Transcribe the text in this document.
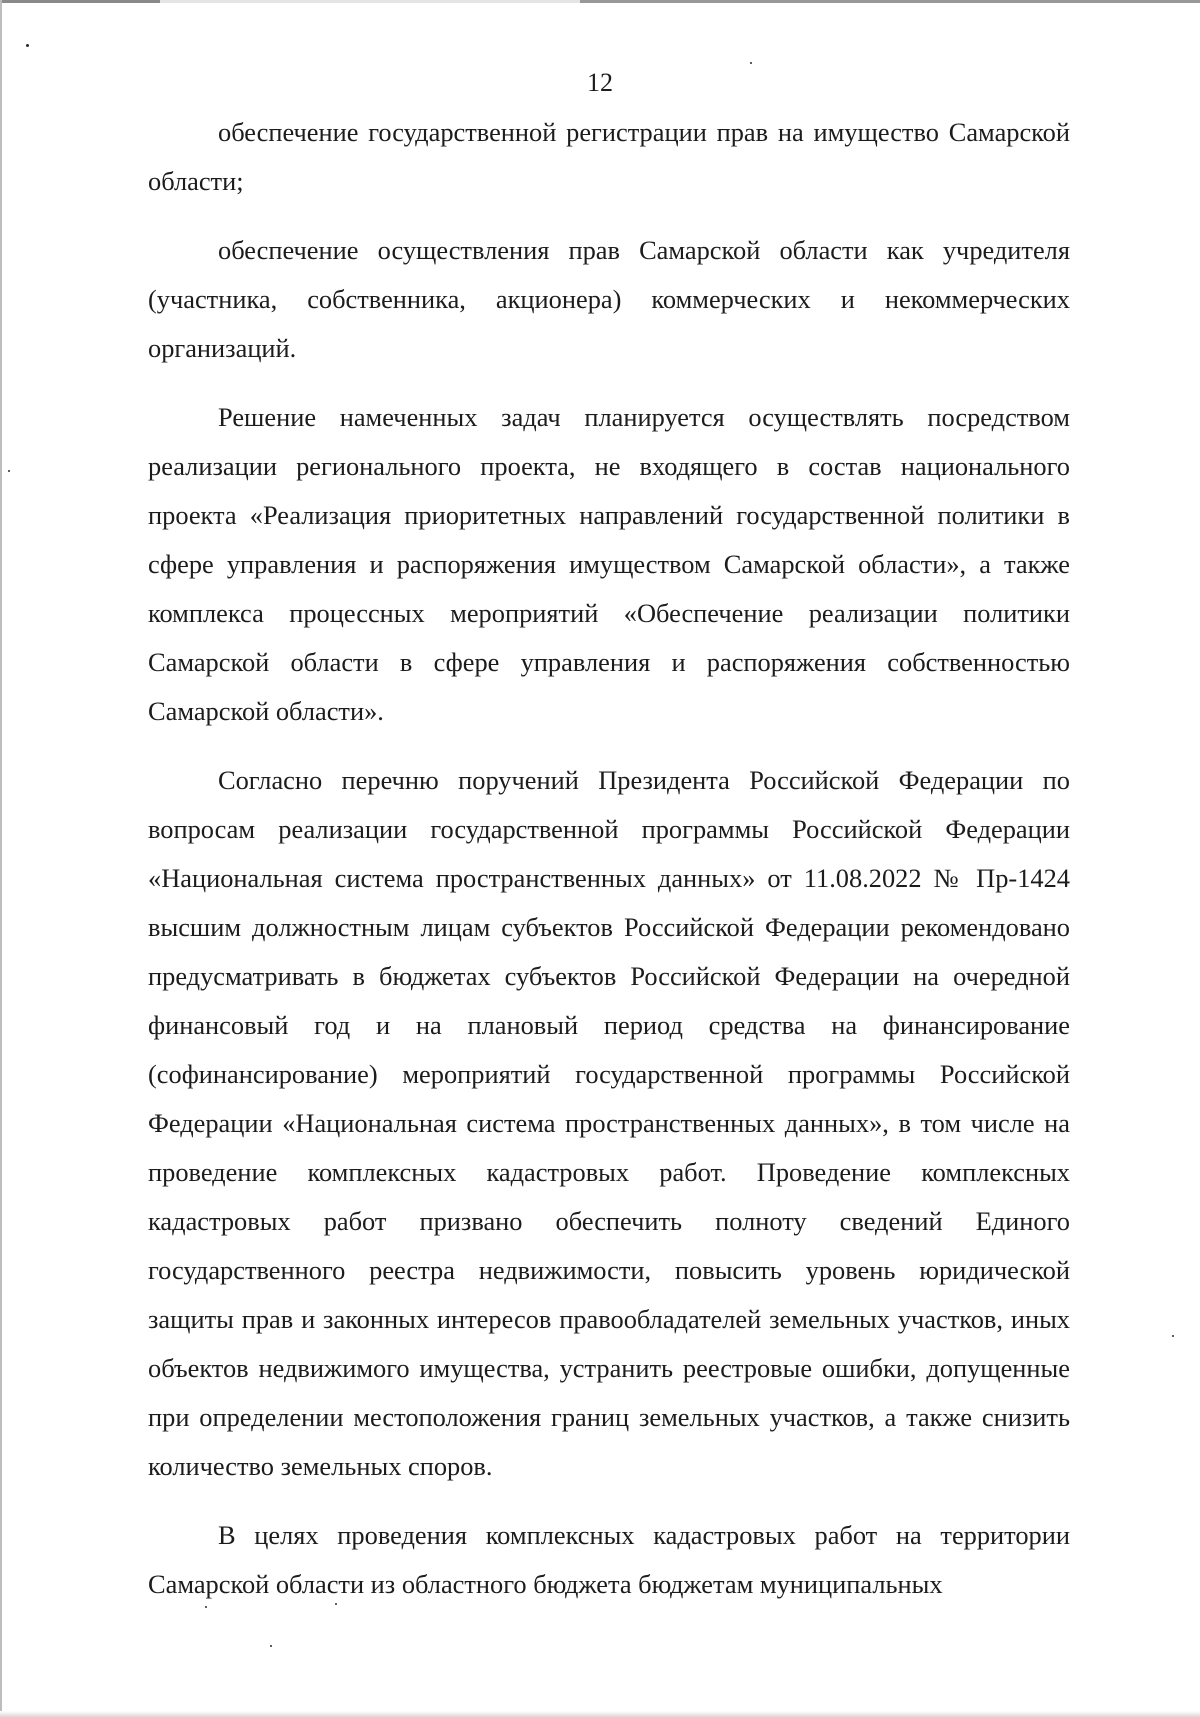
12

обеспечение государственной регистрации прав на имущество Самарской области;

обеспечение осуществления прав Самарской области как учредителя (участника, собственника, акционера) коммерческих и некоммерческих организаций.

Решение намеченных задач планируется осуществлять посредством реализации регионального проекта, не входящего в состав национального проекта «Реализация приоритетных направлений государственной политики в сфере управления и распоряжения имуществом Самарской области», а также комплекса процессных мероприятий «Обеспечение реализации политики Самарской области в сфере управления и распоряжения собственностью Самарской области».

Согласно перечню поручений Президента Российской Федерации по вопросам реализации государственной программы Российской Федерации «Национальная система пространственных данных» от 11.08.2022 № Пр-1424 высшим должностным лицам субъектов Российской Федерации рекомендовано предусматривать в бюджетах субъектов Российской Федерации на очередной финансовый год и на плановый период средства на финансирование (софинансирование) мероприятий государственной программы Российской Федерации «Национальная система пространственных данных», в том числе на проведение комплексных кадастровых работ. Проведение комплексных кадастровых работ призвано обеспечить полноту сведений Единого государственного реестра недвижимости, повысить уровень юридической защиты прав и законных интересов правообладателей земельных участков, иных объектов недвижимого имущества, устранить реестровые ошибки, допущенные при определении местоположения границ земельных участков, а также снизить количество земельных споров.

В целях проведения комплексных кадастровых работ на территории Самарской области из областного бюджета бюджетам муниципальных
